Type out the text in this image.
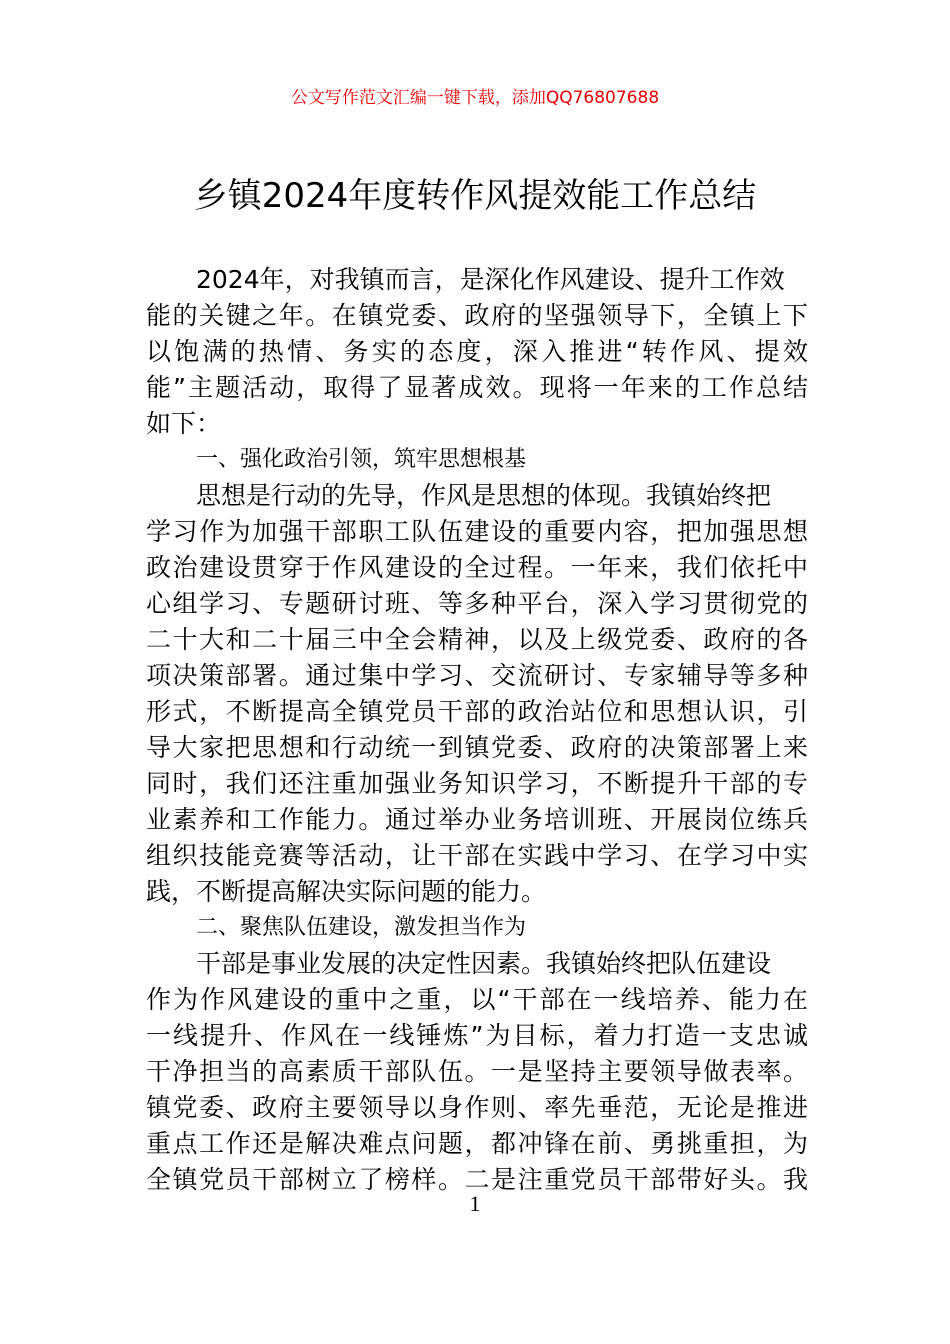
公文写作范文汇编一键下载，添加QQ76807688
乡镇2024年度转作风提效能工作总结
2024年，对我镇而言，是深化作风建设、提升工作效
能的关键之年。在镇党委、政府的坚强领导下，全镇上下
以饱满的热情、务实的态度，深入推进“转作风、提效
能”主题活动，取得了显著成效。现将一年来的工作总结
如下：
一、强化政治引领，筑牢思想根基
思想是行动的先导，作风是思想的体现。我镇始终把
学习作为加强干部职工队伍建设的重要内容，把加强思想
政治建设贯穿于作风建设的全过程。一年来，我们依托中
心组学习、专题研讨班、等多种平台，深入学习贯彻党的
二十大和二十届三中全会精神，以及上级党委、政府的各
项决策部署。通过集中学习、交流研讨、专家辅导等多种
形式，不断提高全镇党员干部的政治站位和思想认识，引
导大家把思想和行动统一到镇党委、政府的决策部署上来
同时，我们还注重加强业务知识学习，不断提升干部的专
业素养和工作能力。通过举办业务培训班、开展岗位练兵
组织技能竞赛等活动，让干部在实践中学习、在学习中实
践，不断提高解决实际问题的能力。
二、聚焦队伍建设，激发担当作为
干部是事业发展的决定性因素。我镇始终把队伍建设
作为作风建设的重中之重，以“干部在一线培养、能力在
一线提升、作风在一线锤炼”为目标，着力打造一支忠诚
干净担当的高素质干部队伍。一是坚持主要领导做表率。
镇党委、政府主要领导以身作则、率先垂范，无论是推进
重点工作还是解决难点问题，都冲锋在前、勇挑重担，为
全镇党员干部树立了榜样。二是注重党员干部带好头。我
1
